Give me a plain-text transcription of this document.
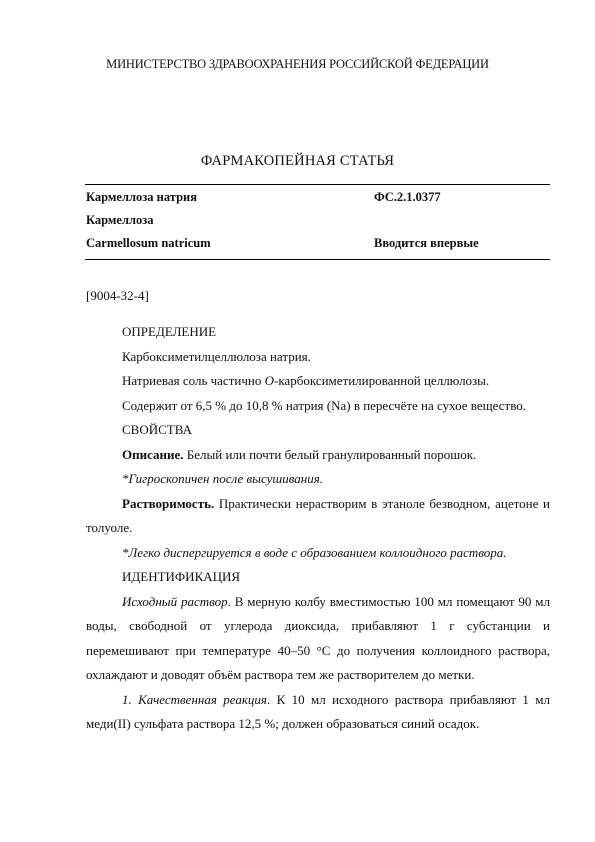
МИНИСТЕРСТВО ЗДРАВООХРАНЕНИЯ РОССИЙСКОЙ ФЕДЕРАЦИИ
ФАРМАКОПЕЙНАЯ СТАТЬЯ
Кармеллоза натрия	ФС.2.1.0377
Кармеллоза
Carmellosum natricum	Вводится впервые
[9004-32-4]

ОПРЕДЕЛЕНИЕ

Карбоксиметилцеллюлоза натрия.

Натриевая соль частично O-карбоксиметилированной целлюлозы.

Содержит от 6,5 % до 10,8 % натрия (Na) в пересчёте на сухое вещество.

СВОЙСТВА

Описание. Белый или почти белый гранулированный порошок.

*Гигроскопичен после высушивания.

Растворимость. Практически нерастворим в этаноле безводном, ацетоне и толуоле.

*Легко диспергируется в воде с образованием коллоидного раствора.

ИДЕНТИФИКАЦИЯ

Исходный раствор. В мерную колбу вместимостью 100 мл помещают 90 мл воды, свободной от углерода диоксида, прибавляют 1 г субстанции и перемешивают при температуре 40–50 °С до получения коллоидного раствора, охлаждают и доводят объём раствора тем же растворителем до метки.

1. Качественная реакция. К 10 мл исходного раствора прибавляют 1 мл меди(II) сульфата раствора 12,5 %; должен образоваться синий осадок.
